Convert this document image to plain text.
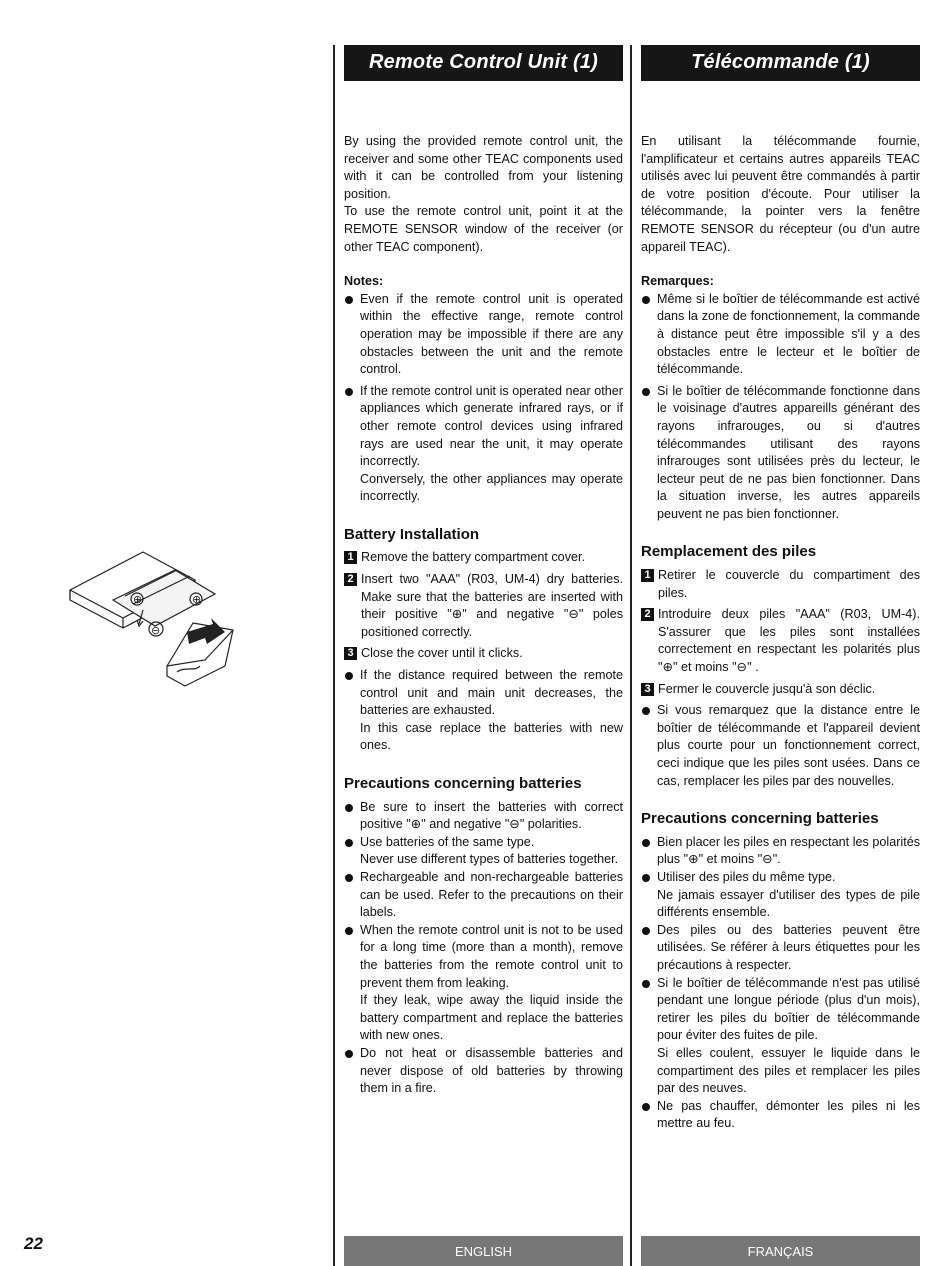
22
⊕
⊖
⊕
Remote Control Unit (1)

By using the provided remote control unit, the receiver and some other TEAC components used with it can be controlled from your listening position.

To use the remote control unit, point it at the REMOTE SENSOR window of the receiver (or other TEAC component).

Notes:
Even if the remote control unit is operated within the effective range, remote control operation may be impossible if there are any obstacles between the unit and the remote control.
If the remote control unit is operated near other appliances which generate infrared rays, or if other remote control devices using infrared rays are used near the unit, it may operate incorrectly.
Conversely, the other appliances may operate incorrectly.
Battery Installation
1 Remove the battery compartment cover.
2 Insert two "AAA" (R03, UM-4) dry batteries. Make sure that the batteries are inserted with their positive "⊕" and negative "⊖" poles positioned correctly.
3 Close the cover until it clicks.
If the distance required between the remote control unit and main unit decreases, the batteries are exhausted.
In this case replace the batteries with new ones.
Precautions concerning batteries
Be sure to insert the batteries with correct positive "⊕" and negative "⊖" polarities.
Use batteries of the same type.
Never use different types of batteries together.
Rechargeable and non-rechargeable batteries can be used. Refer to the precautions on their labels.
When the remote control unit is not to be used for a long time (more than a month), remove the batteries from the remote control unit to prevent them from leaking.
If they leak, wipe away the liquid inside the battery compartment and replace the batteries with new ones.
Do not heat or disassemble batteries and never dispose of old batteries by throwing them in a fire.
ENGLISH
Télécommande (1)

En utilisant la télécommande fournie, l'amplificateur et certains autres appareils TEAC utilisés avec lui peuvent être commandés à partir de votre position d'écoute. Pour utiliser la télécommande, la pointer vers la fenêtre REMOTE SENSOR du récepteur (ou d'un autre appareil TEAC).

Remarques:
Même si le boîtier de télécommande est activé dans la zone de fonctionnement, la commande à distance peut être impossible s'il y a des obstacles entre le lecteur et le boîtier de télécommande.
Si le boîtier de télécommande fonctionne dans le voisinage d'autres appareills générant des rayons infrarouges, ou si d'autres télécommandes utilisant des rayons infrarouges sont utilisées près du lecteur, le lecteur peut de ne pas bien fonctionner. Dans la situation inverse, les autres appareils peuvent ne pas bien fonctionner.
Remplacement des piles
1 Retirer le couvercle du compartiment des piles.
2 Introduire deux piles "AAA" (R03, UM-4). S'assurer que les piles sont installées correctement en respectant les polarités plus "⊕" et moins "⊖" .
3 Fermer le couvercle jusqu'à son déclic.
Si vous remarquez que la distance entre le boîtier de télécommande et l'appareil devient plus courte pour un fonctionnement correct, ceci indique que les piles sont usées. Dans ce cas, remplacer les piles par des nouvelles.
Precautions concerning batteries
Bien placer les piles en respectant les polarités plus "⊕" et moins "⊖".
Utiliser des piles du même type.
Ne jamais essayer d'utiliser des types de pile différents ensemble.
Des piles ou des batteries peuvent être utilisées. Se référer à leurs étiquettes pour les précautions à respecter.
Si le boîtier de télécommande n'est pas utilisé pendant une longue période (plus d'un mois), retirer les piles du boîtier de télécommande pour éviter des fuites de pile.
Si elles coulent, essuyer le liquide dans le compartiment des piles et remplacer les piles par des neuves.
Ne pas chauffer, démonter les piles ni les mettre au feu.
FRANÇAIS
